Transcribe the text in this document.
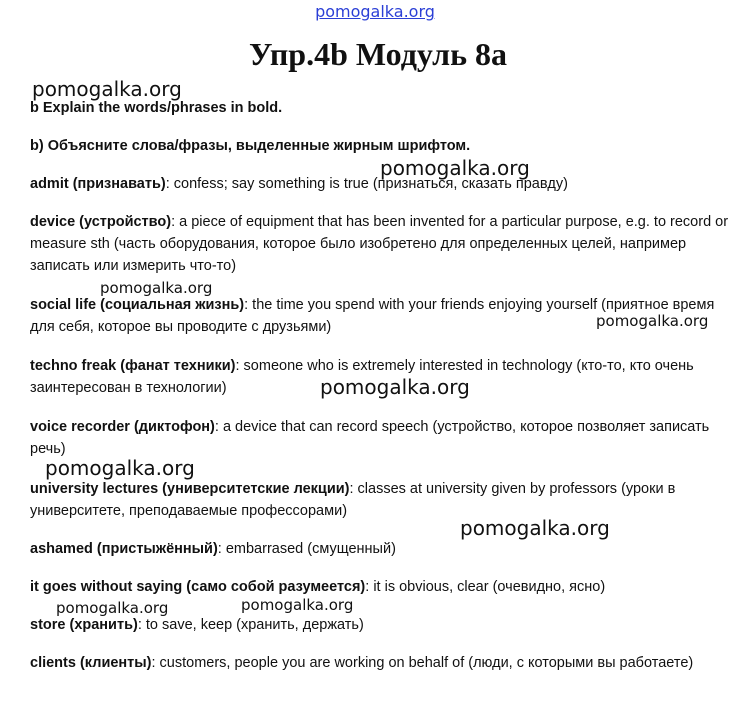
pomogalka.org
Упр.4b Модуль 8a
pomogalka.org
pomogalka.org
pomogalka.org
pomogalka.org
pomogalka.org
pomogalka.org
pomogalka.org
pomogalka.org	pomogalka.org

b Explain the words/phrases in bold.

b) Объясните слова/фразы, выделенные жирным шрифтом.

admit (признавать): confess; say something is true (признаться, сказать правду)

device (устройство): a piece of equipment that has been invented for a particular purpose, e.g. to record or measure sth (часть оборудования, которое было изобретено для определенных целей, например записать или измерить что-то)

social life (социальная жизнь): the time you spend with your friends enjoying yourself (приятное время для себя, которое вы проводите с друзьями)

techno freak (фанат техники): someone who is extremely interested in technology (кто-то, кто очень заинтересован в технологии)

voice recorder (диктофон): a device that can record speech (устройство, которое позволяет записать речь)

university lectures (университетские лекции): classes at university given by professors (уроки в университете, преподаваемые профессорами)

ashamed (пристыжённый): embarrased (смущенный)

it goes without saying (само собой разумеется): it is obvious, clear (очевидно, ясно)

store (хранить): to save, keep (хранить, держать)

clients (клиенты): customers, people you are working on behalf of (люди, с которыми вы работаете)
